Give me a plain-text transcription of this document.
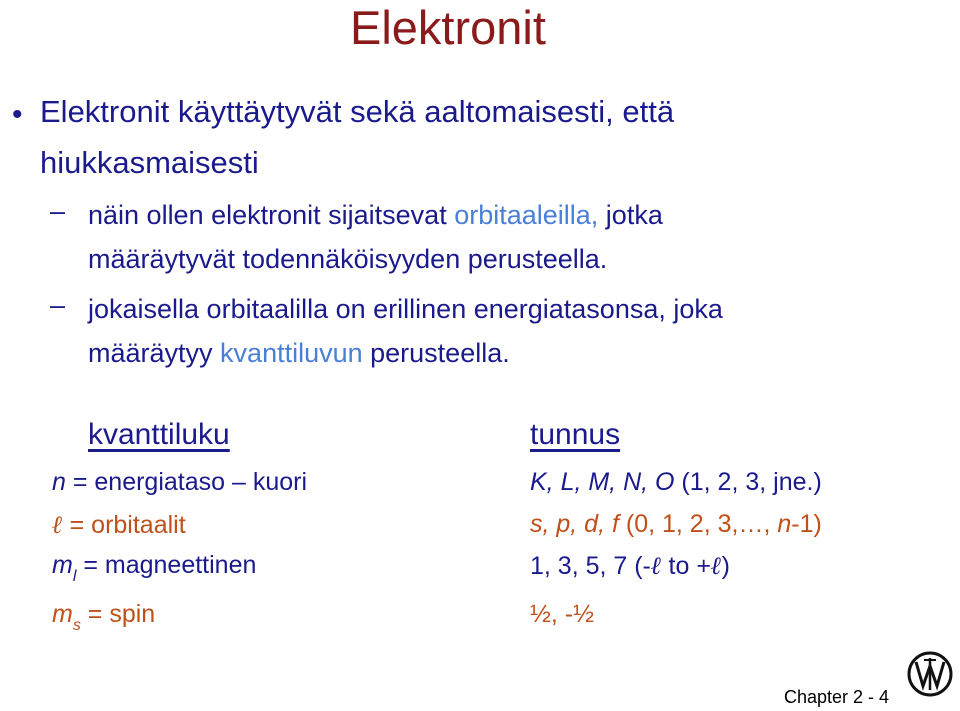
Elektronit
• Elektronit käyttäytyvät sekä aaltomaisesti, että
hiukkasmaisesti
– näin ollen elektronit sijaitsevat orbitaaleilla, jotka
määräytyvät todennäköisyyden perusteella.
– jokaisella orbitaalilla on erillinen energiatasonsa, joka
määräytyy kvanttiluvun perusteella.
kvanttiluku	tunnus
n = energiataso – kuori	K, L, M, N, O (1, 2, 3, jne.)
ℓ = orbitaalit	s, p, d, f (0, 1, 2, 3,…, n-1)
$m_l$ = magneettinen	1, 3, 5, 7 (-ℓ to +ℓ)
$m_s$ = spin	½, -½
Chapter 2 - 4
